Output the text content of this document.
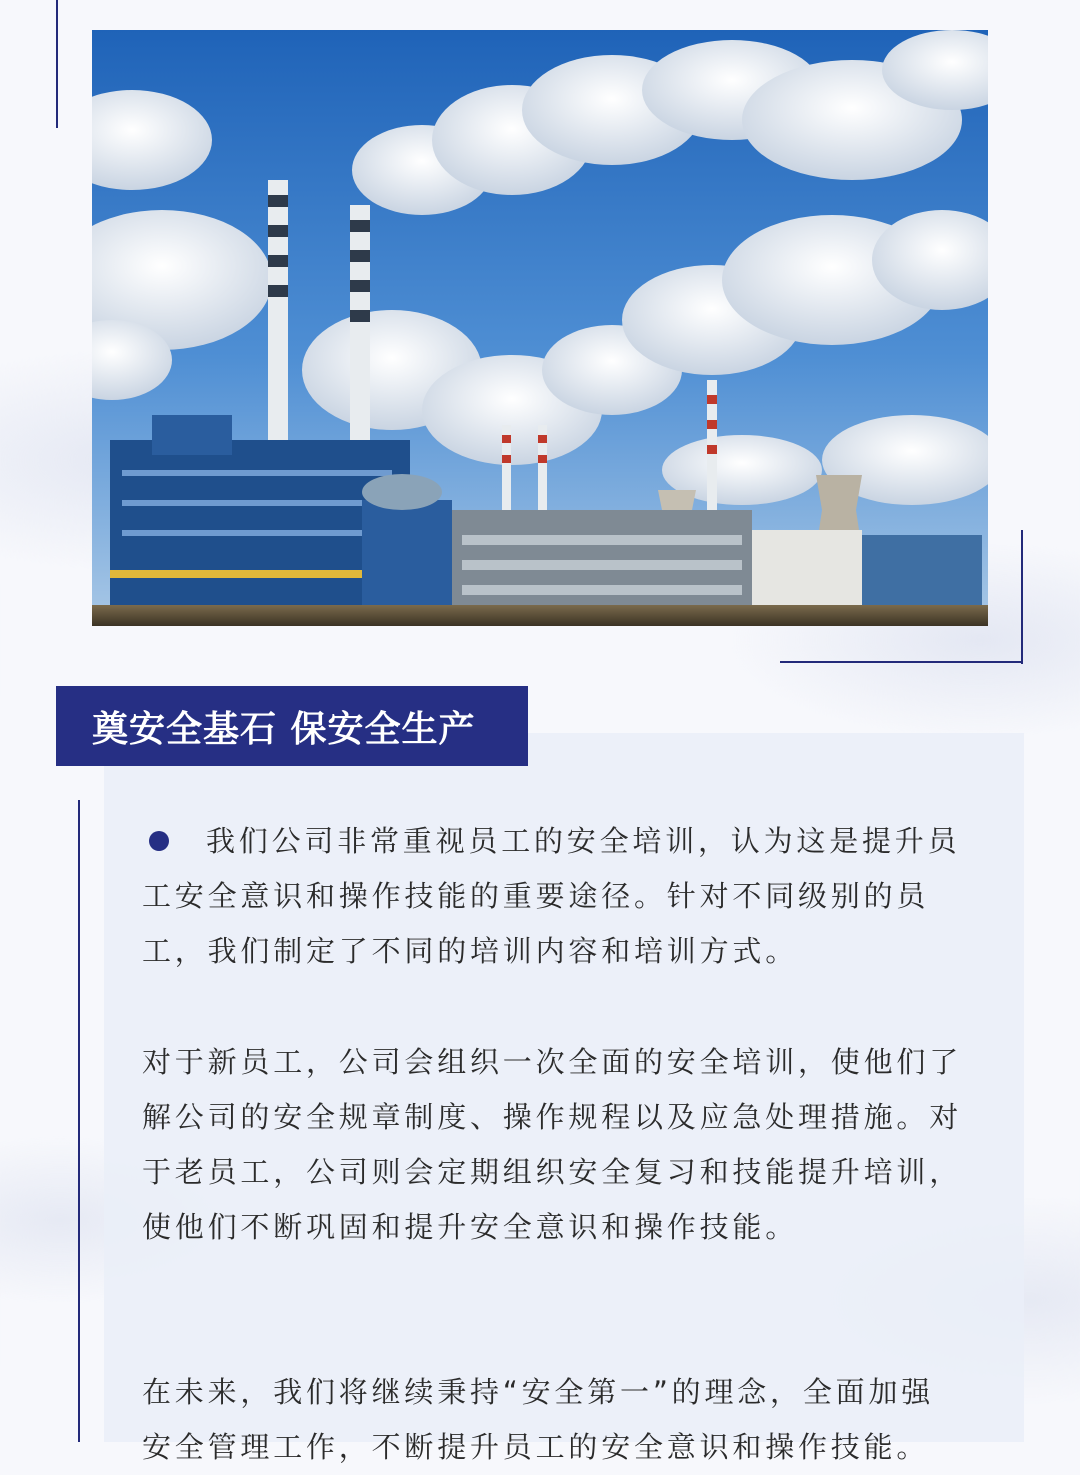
奠安全基石 保安全生产

我们公司非常重视员工的安全培训，认为这是提升员工安全意识和操作技能的重要途径。针对不同级别的员工，我们制定了不同的培训内容和培训方式。

对于新员工，公司会组织一次全面的安全培训，使他们了解公司的安全规章制度、操作规程以及应急处理措施。对于老员工，公司则会定期组织安全复习和技能提升培训，使他们不断巩固和提升安全意识和操作技能。

在未来，我们将继续秉持“安全第一”的理念，全面加强安全管理工作，不断提升员工的安全意识和操作技能。
